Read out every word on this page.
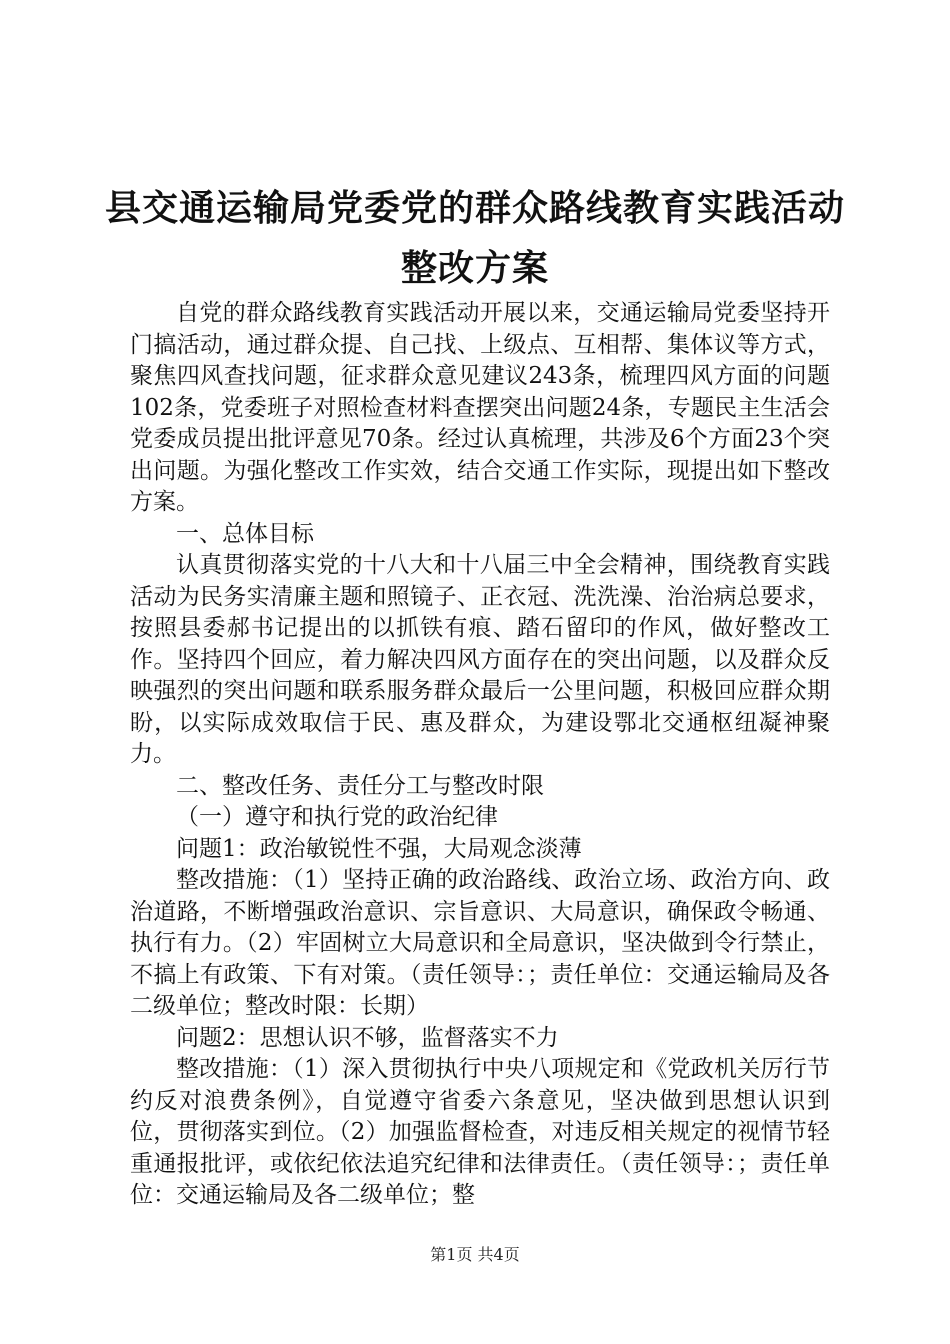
县交通运输局党委党的群众路线教育实践活动
整改方案

自党的群众路线教育实践活动开展以来，交通运输局党委坚持开门搞活动，通过群众提、自己找、上级点、互相帮、集体议等方式，聚焦四风查找问题，征求群众意见建议243条，梳理四风方面的问题102条，党委班子对照检查材料查摆突出问题24条，专题民主生活会党委成员提出批评意见70条。经过认真梳理，共涉及6个方面23个突出问题。为强化整改工作实效，结合交通工作实际，现提出如下整改方案。

一、总体目标

认真贯彻落实党的十八大和十八届三中全会精神，围绕教育实践活动为民务实清廉主题和照镜子、正衣冠、洗洗澡、治治病总要求，按照县委郝书记提出的以抓铁有痕、踏石留印的作风，做好整改工作。坚持四个回应，着力解决四风方面存在的突出问题，以及群众反映强烈的突出问题和联系服务群众最后一公里问题，积极回应群众期盼，以实际成效取信于民、惠及群众，为建设鄂北交通枢纽凝神聚力。

二、整改任务、责任分工与整改时限

（一）遵守和执行党的政治纪律

问题1：政治敏锐性不强，大局观念淡薄

整改措施：（1）坚持正确的政治路线、政治立场、政治方向、政治道路，不断增强政治意识、宗旨意识、大局意识，确保政令畅通、执行有力。（2）牢固树立大局意识和全局意识，坚决做到令行禁止，不搞上有政策、下有对策。（责任领导：；责任单位：交通运输局及各二级单位；整改时限：长期）

问题2：思想认识不够，监督落实不力

整改措施：（1）深入贯彻执行中央八项规定和《党政机关厉行节约反对浪费条例》，自觉遵守省委六条意见，坚决做到思想认识到位，贯彻落实到位。（2）加强监督检查，对违反相关规定的视情节轻重通报批评，或依纪依法追究纪律和法律责任。（责任领导：；责任单位：交通运输局及各二级单位；整

第1页 共4页
